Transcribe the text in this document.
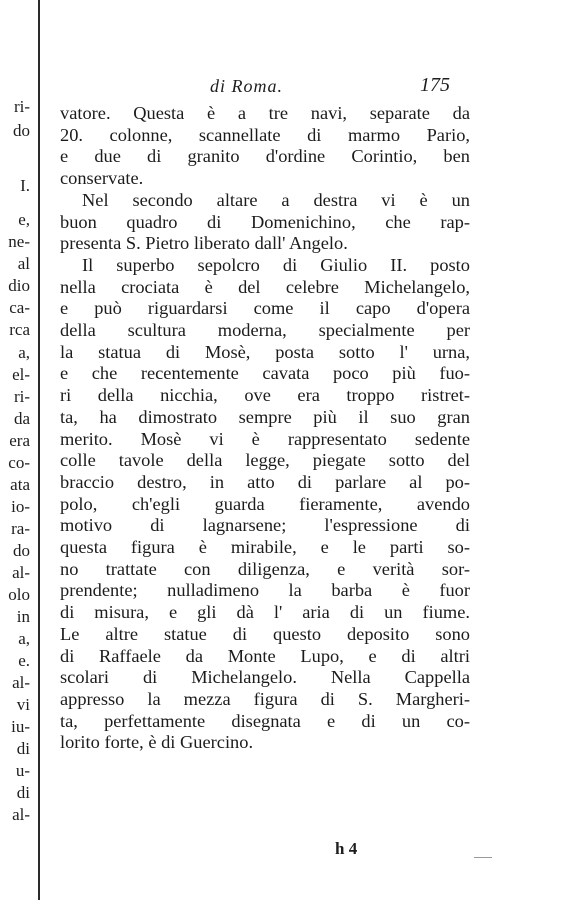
ri-
do
I.
e,
ne-
al
dio
ca-
rca
a,
el-
ri-
da
era
co-
ata
io-
ra-
do
al-
olo
in
a,
e.
al-
vi
iu-
di
u-
di
al-
di Roma.	175
vatore. Questa è a tre navi, separate da
20. colonne, scannellate di marmo Pario,
e due di granito d'ordine Corintio, ben
conservate.
Nel secondo altare a destra vi è un
buon quadro di Domenichino, che rap-
presenta S. Pietro liberato dall' Angelo.
Il superbo sepolcro di Giulio II. posto
nella crociata è del celebre Michelangelo,
e può riguardarsi come il capo d'opera
della scultura moderna, specialmente per
la statua di Mosè, posta sotto l' urna,
e che recentemente cavata poco più fuo-
ri della nicchia, ove era troppo ristret-
ta, ha dimostrato sempre più il suo gran
merito. Mosè vi è rappresentato sedente
colle tavole della legge, piegate sotto del
braccio destro, in atto di parlare al po-
polo, ch'egli guarda fieramente, avendo
motivo di lagnarsene; l'espressione di
questa figura è mirabile, e le parti so-
no trattate con diligenza, e verità sor-
prendente; nulladimeno la barba è fuor
di misura, e gli dà l' aria di un fiume.
Le altre statue di questo deposito sono
di Raffaele da Monte Lupo, e di altri
scolari di Michelangelo. Nella Cappella
appresso la mezza figura di S. Margheri-
ta, perfettamente disegnata e di un co-
lorito forte, è di Guercino.
h 4
